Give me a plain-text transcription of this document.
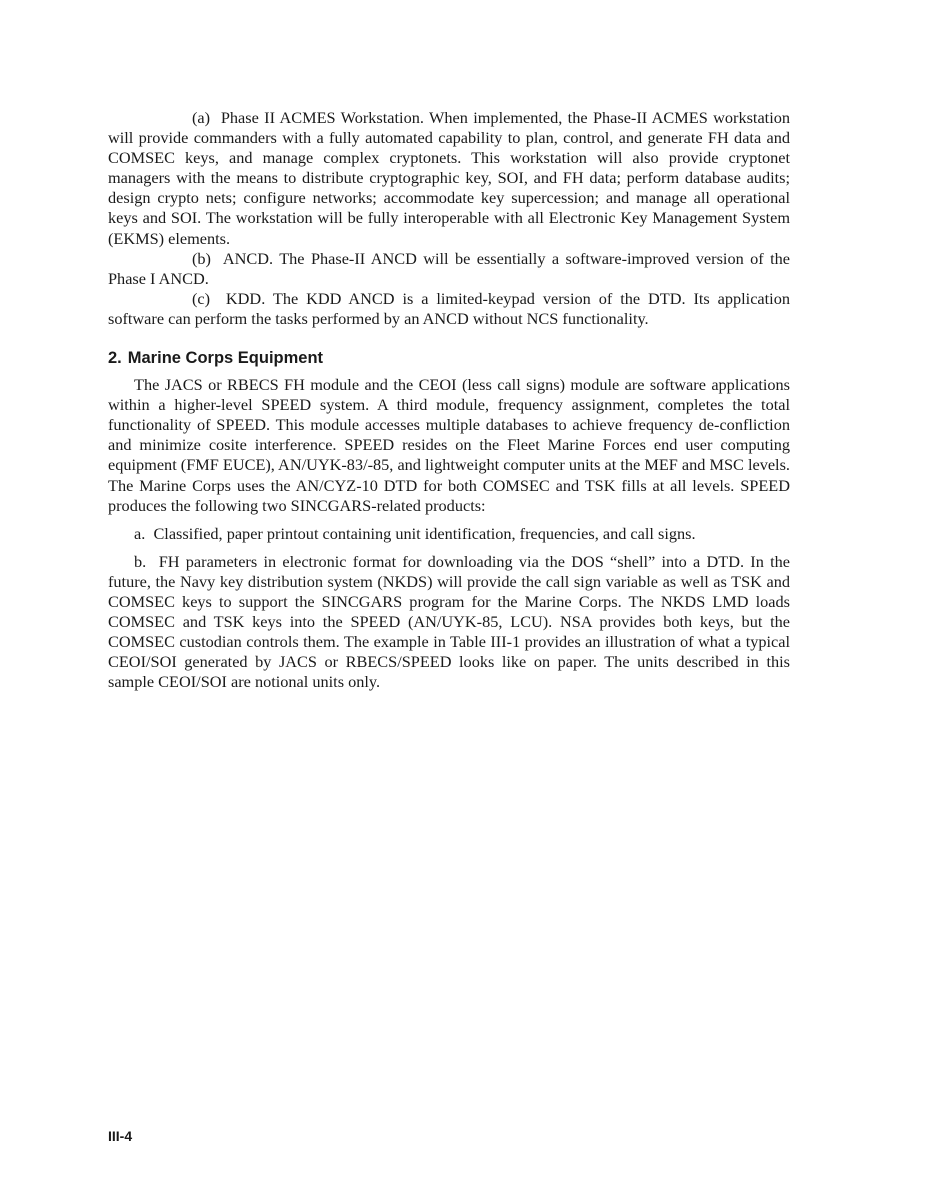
(a) Phase II ACMES Workstation. When implemented, the Phase-II ACMES workstation will provide commanders with a fully automated capability to plan, control, and generate FH data and COMSEC keys, and manage complex cryptonets. This workstation will also provide cryptonet managers with the means to distribute cryptographic key, SOI, and FH data; perform database audits; design crypto nets; configure networks; accommodate key supercession; and manage all operational keys and SOI. The workstation will be fully interoperable with all Electronic Key Management System (EKMS) elements.

(b) ANCD. The Phase-II ANCD will be essentially a software-improved version of the Phase I ANCD.

(c) KDD. The KDD ANCD is a limited-keypad version of the DTD. Its application software can perform the tasks performed by an ANCD without NCS functionality.

2. Marine Corps Equipment

The JACS or RBECS FH module and the CEOI (less call signs) module are software applications within a higher-level SPEED system. A third module, frequency assignment, completes the total functionality of SPEED. This module accesses multiple databases to achieve frequency de-confliction and minimize cosite interference. SPEED resides on the Fleet Marine Forces end user computing equipment (FMF EUCE), AN/UYK-83/-85, and lightweight computer units at the MEF and MSC levels. The Marine Corps uses the AN/CYZ-10 DTD for both COMSEC and TSK fills at all levels. SPEED produces the following two SINCGARS-related products:

a. Classified, paper printout containing unit identification, frequencies, and call signs.

b. FH parameters in electronic format for downloading via the DOS “shell” into a DTD. In the future, the Navy key distribution system (NKDS) will provide the call sign variable as well as TSK and COMSEC keys to support the SINCGARS program for the Marine Corps. The NKDS LMD loads COMSEC and TSK keys into the SPEED (AN/UYK-85, LCU). NSA provides both keys, but the COMSEC custodian controls them. The example in Table III-1 provides an illustration of what a typical CEOI/SOI generated by JACS or RBECS/SPEED looks like on paper. The units described in this sample CEOI/SOI are notional units only.

III-4
